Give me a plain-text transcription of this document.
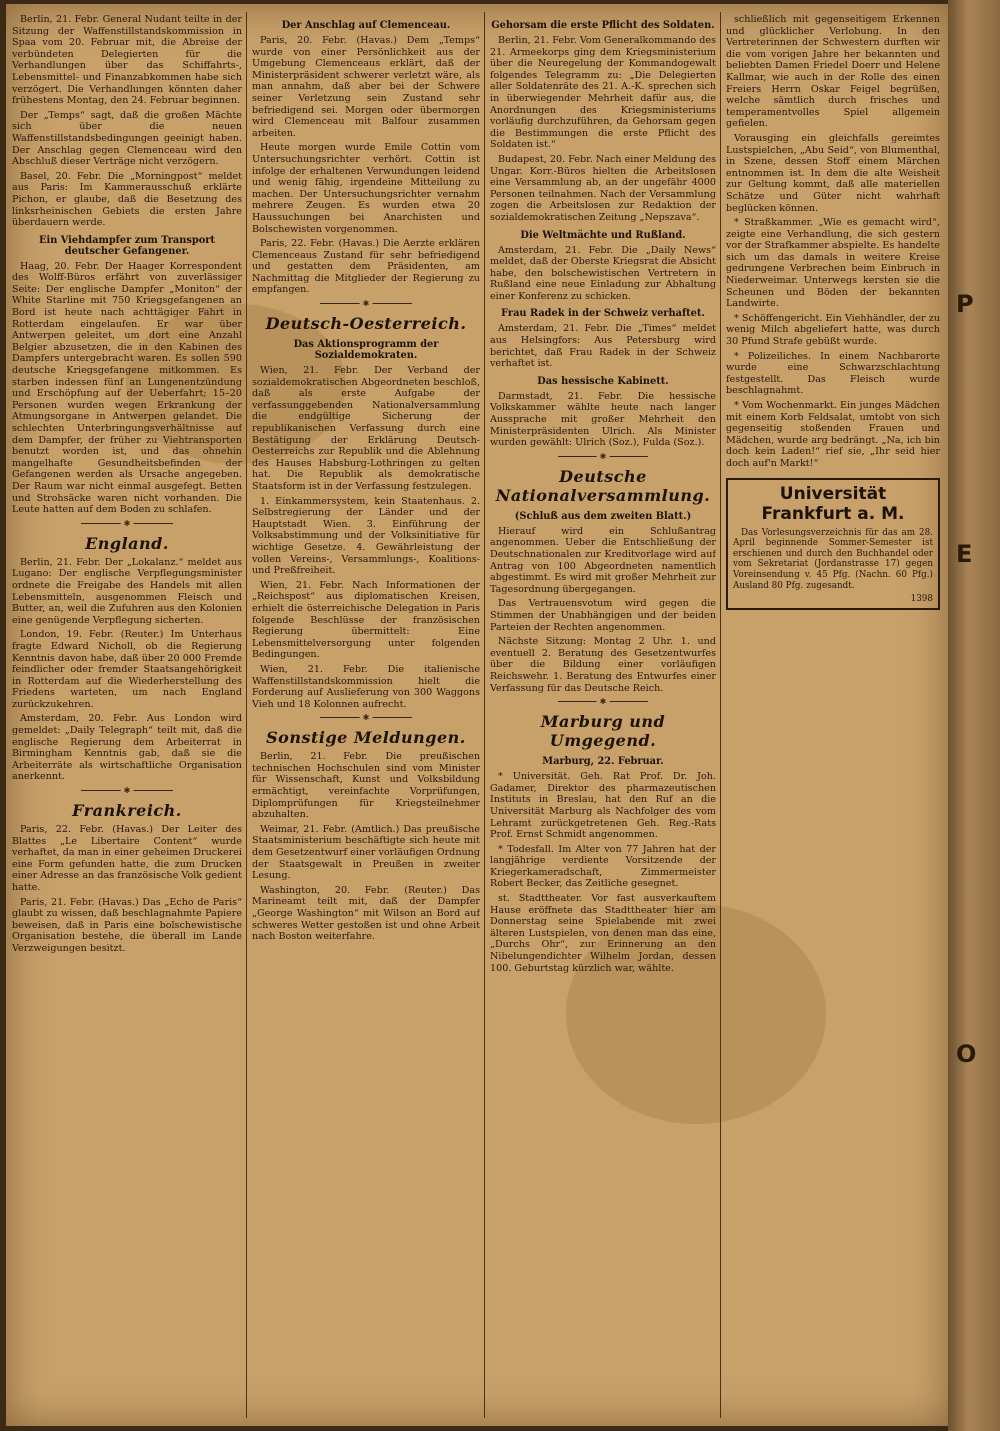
Berlin, 21. Febr. General Nudant teilte in der Sitzung der Waffenstillstandskommission in Spaa vom 20. Februar mit, die Abreise der verbündeten Delegierten für die Verhandlungen über das Schiffahrts-, Lebensmittel- und Finanzabkommen habe sich verzögert. Die Verhandlungen könnten daher frühestens Montag, den 24. Februar beginnen.

Der „Temps“ sagt, daß die großen Mächte sich über die neuen Waffenstillstandsbedingungen geeinigt haben. Der Anschlag gegen Clemenceau wird den Abschluß dieser Verträge nicht verzögern.

Basel, 20. Febr. Die „Morningpost“ meldet aus Paris: Im Kammerausschuß erklärte Pichon, er glaube, daß die Besetzung des linksrheinischen Gebiets die ersten Jahre überdauern werde.

Ein Viehdampfer zum Transport deutscher Gefangener.

Haag, 20. Febr. Der Haager Korrespondent des Wolff-Büros erfährt von zuverlässiger Seite: Der englische Dampfer „Moniton“ der White Starline mit 750 Kriegsgefangenen an Bord ist heute nach achttägiger Fahrt in Rotterdam eingelaufen. Er war über Antwerpen geleitet, um dort eine Anzahl Belgier abzusetzen, die in den Kabinen des Dampfers untergebracht waren. Es sollen 590 deutsche Kriegsgefangene mitkommen. Es starben indessen fünf an Lungenentzündung und Erschöpfung auf der Ueberfahrt; 15–20 Personen wurden wegen Erkrankung der Atmungsorgane in Antwerpen gelandet. Die schlechten Unterbringungsverhältnisse auf dem Dampfer, der früher zu Viehtransporten benutzt worden ist, und das ohnehin mangelhafte Gesundheitsbefinden der Gefangenen werden als Ursache angegeben. Der Raum war nicht einmal ausgefegt. Betten und Strohsäcke waren nicht vorhanden. Die Leute hatten auf dem Boden zu schlafen.

✱
England.

Berlin, 21. Febr. Der „Lokalanz.“ meldet aus Lugano: Der englische Verpflegungsminister ordnete die Freigabe des Handels mit allen Lebensmitteln, ausgenommen Fleisch und Butter, an, weil die Zufuhren aus den Kolonien eine genügende Verpflegung sicherten.

London, 19. Febr. (Reuter.) Im Unterhaus fragte Edward Nicholl, ob die Regierung Kenntnis davon habe, daß über 20 000 Fremde feindlicher oder fremder Staatsangehörigkeit in Rotterdam auf die Wiederherstellung des Friedens warteten, um nach England zurückzukehren.

Amsterdam, 20. Febr. Aus London wird gemeldet: „Daily Telegraph“ teilt mit, daß die englische Regierung dem Arbeiterrat in Birmingham Kenntnis gab, daß sie die Arbeiterräte als wirtschaftliche Organisation anerkennt.

✱
Frankreich.

Paris, 22. Febr. (Havas.) Der Leiter des Blattes „Le Libertaire Content“ wurde verhaftet, da man in einer geheimen Druckerei eine Form gefunden hatte, die zum Drucken einer Adresse an das französische Volk gedient hatte.

Paris, 21. Febr. (Havas.) Das „Echo de Paris“ glaubt zu wissen, daß beschlagnahmte Papiere beweisen, daß in Paris eine bolschewistische Organisation bestehe, die überall im Lande Verzweigungen besitzt.

Der Anschlag auf Clemenceau.

Paris, 20. Febr. (Havas.) Dem „Temps“ wurde von einer Persönlichkeit aus der Umgebung Clemenceaus erklärt, daß der Ministerpräsident schwerer verletzt wäre, als man annahm, daß aber bei der Schwere seiner Verletzung sein Zustand sehr befriedigend sei. Morgen oder übermorgen wird Clemenceau mit Balfour zusammen arbeiten.

Heute morgen wurde Emile Cottin vom Untersuchungsrichter verhört. Cottin ist infolge der erhaltenen Verwundungen leidend und wenig fähig, irgendeine Mitteilung zu machen. Der Untersuchungsrichter vernahm mehrere Zeugen. Es wurden etwa 20 Haussuchungen bei Anarchisten und Bolschewisten vorgenommen.

Paris, 22. Febr. (Havas.) Die Aerzte erklären Clemenceaus Zustand für sehr befriedigend und gestatten dem Präsidenten, am Nachmittag die Mitglieder der Regierung zu empfangen.

✱
Deutsch-Oesterreich.
Das Aktionsprogramm der Sozialdemokraten.

Wien, 21. Febr. Der Verband der sozialdemokratischen Abgeordneten beschloß, daß als erste Aufgabe der verfassunggebenden Nationalversammlung die endgültige Sicherung der republikanischen Verfassung durch eine Bestätigung der Erklärung Deutsch-Oesterreichs zur Republik und die Ablehnung des Hauses Habsburg-Lothringen zu gelten hat. Die Republik als demokratische Staatsform ist in der Verfassung festzulegen.

1. Einkammersystem, kein Staatenhaus. 2. Selbstregierung der Länder und der Hauptstadt Wien. 3. Einführung der Volksabstimmung und der Volksinitiative für wichtige Gesetze. 4. Gewährleistung der vollen Vereins-, Versammlungs-, Koalitions- und Preßfreiheit.

Wien, 21. Febr. Nach Informationen der „Reichspost“ aus diplomatischen Kreisen, erhielt die österreichische Delegation in Paris folgende Beschlüsse der französischen Regierung übermittelt: Eine Lebensmittelversorgung unter folgenden Bedingungen.

Wien, 21. Febr. Die italienische Waffenstillstandskommission hielt die Forderung auf Auslieferung von 300 Waggons Vieh und 18 Kolonnen aufrecht.

✱
Sonstige Meldungen.

Berlin, 21. Febr. Die preußischen technischen Hochschulen sind vom Minister für Wissenschaft, Kunst und Volksbildung ermächtigt, vereinfachte Vorprüfungen, Diplomprüfungen für Kriegsteilnehmer abzuhalten.

Weimar, 21. Febr. (Amtlich.) Das preußische Staatsministerium beschäftigte sich heute mit dem Gesetzentwurf einer vorläufigen Ordnung der Staatsgewalt in Preußen in zweiter Lesung.

Washington, 20. Febr. (Reuter.) Das Marineamt teilt mit, daß der Dampfer „George Washington“ mit Wilson an Bord auf schweres Wetter gestoßen ist und ohne Arbeit nach Boston weiterfahre.

Gehorsam die erste Pflicht des Soldaten.

Berlin, 21. Febr. Vom Generalkommando des 21. Armeekorps ging dem Kriegsministerium über die Neuregelung der Kommandogewalt folgendes Telegramm zu: „Die Delegierten aller Soldatenräte des 21. A.-K. sprechen sich in überwiegender Mehrheit dafür aus, die Anordnungen des Kriegsministeriums vorläufig durchzuführen, da Gehorsam gegen die Bestimmungen die erste Pflicht des Soldaten ist.“

Budapest, 20. Febr. Nach einer Meldung des Ungar. Korr.-Büros hielten die Arbeitslosen eine Versammlung ab, an der ungefähr 4000 Personen teilnahmen. Nach der Versammlung zogen die Arbeitslosen zur Redaktion der sozialdemokratischen Zeitung „Nepszava“.

Die Weltmächte und Rußland.

Amsterdam, 21. Febr. Die „Daily News“ meldet, daß der Oberste Kriegsrat die Absicht habe, den bolschewistischen Vertretern in Rußland eine neue Einladung zur Abhaltung einer Konferenz zu schicken.

Frau Radek in der Schweiz verhaftet.

Amsterdam, 21. Febr. Die „Times“ meldet aus Helsingfors: Aus Petersburg wird berichtet, daß Frau Radek in der Schweiz verhaftet ist.

Das hessische Kabinett.

Darmstadt, 21. Febr. Die hessische Volkskammer wählte heute nach langer Aussprache mit großer Mehrheit den Ministerpräsidenten Ulrich. Als Minister wurden gewählt: Ulrich (Soz.), Fulda (Soz.).

✱
Deutsche Nationalversammlung.
(Schluß aus dem zweiten Blatt.)

Hierauf wird ein Schlußantrag angenommen. Ueber die Entschließung der Deutschnationalen zur Kreditvorlage wird auf Antrag von 100 Abgeordneten namentlich abgestimmt. Es wird mit großer Mehrheit zur Tagesordnung übergegangen.

Das Vertrauensvotum wird gegen die Stimmen der Unabhängigen und der beiden Parteien der Rechten angenommen.

Nächste Sitzung: Montag 2 Uhr. 1. und eventuell 2. Beratung des Gesetzentwurfes über die Bildung einer vorläufigen Reichswehr. 1. Beratung des Entwurfes einer Verfassung für das Deutsche Reich.

✱
Marburg und Umgegend.
Marburg, 22. Februar.

* Universität. Geh. Rat Prof. Dr. Joh. Gadamer, Direktor des pharmazeutischen Instituts in Breslau, hat den Ruf an die Universität Marburg als Nachfolger des vom Lehramt zurückgetretenen Geh. Reg.-Rats Prof. Ernst Schmidt angenommen.

* Todesfall. Im Alter von 77 Jahren hat der langjährige verdiente Vorsitzende der Kriegerkameradschaft, Zimmermeister Robert Becker, das Zeitliche gesegnet.

st. Stadttheater. Vor fast ausverkauftem Hause eröffnete das Stadttheater hier am Donnerstag seine Spielabende mit zwei älteren Lustspielen, von denen man das eine, „Durchs Ohr“, zur Erinnerung an den Nibelungendichter Wilhelm Jordan, dessen 100. Geburtstag kürzlich war, wählte.

schließlich mit gegenseitigem Erkennen und glücklicher Verlobung. In den Vertreterinnen der Schwestern durften wir die vom vorigen Jahre her bekannten und beliebten Damen Friedel Doerr und Helene Kallmar, wie auch in der Rolle des einen Freiers Herrn Oskar Feigel begrüßen, welche sämtlich durch frisches und temperamentvolles Spiel allgemein gefielen.

Vorausging ein gleichfalls gereimtes Lustspielchen, „Abu Seid“, von Blumenthal, in Szene, dessen Stoff einem Märchen entnommen ist. In dem die alte Weisheit zur Geltung kommt, daß alle materiellen Schätze und Güter nicht wahrhaft beglücken können.

* Straßkammer. „Wie es gemacht wird“, zeigte eine Verhandlung, die sich gestern vor der Strafkammer abspielte. Es handelte sich um das damals in weitere Kreise gedrungene Verbrechen beim Einbruch in Niederweimar. Unterwegs kersten sie die Scheunen und Böden der bekannten Landwirte.

* Schöffengericht. Ein Viehhändler, der zu wenig Milch abgeliefert hatte, was durch 30 Pfund Strafe gebüßt wurde.

* Polizeiliches. In einem Nachbarorte wurde eine Schwarzschlachtung festgestellt. Das Fleisch wurde beschlagnahmt.

* Vom Wochenmarkt. Ein junges Mädchen mit einem Korb Feldsalat, umtobt von sich gegenseitig stoßenden Frauen und Mädchen, wurde arg bedrängt. „Na, ich bin doch kein Laden!“ rief sie, „Ihr seid hier doch auf'n Markt!“

Universität Frankfurt a. M.

Das Vorlesungsverzeichnis für das am 28. April beginnende Sommer-Semester ist erschienen und durch den Buchhandel oder vom Sekretariat (Jordanstrasse 17) gegen Voreinsendung v. 45 Pfg. (Nachn. 60 Pfg.) Ausland 80 Pfg. zugesandt.

1398
P
E
O
